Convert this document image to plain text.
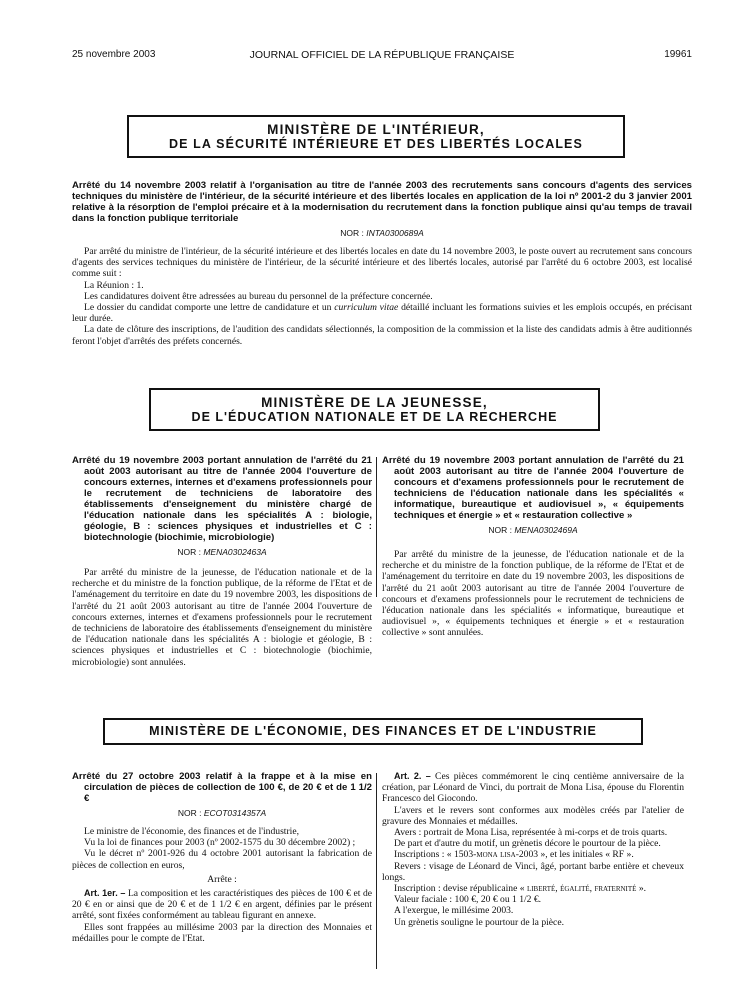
25 novembre 2003	JOURNAL OFFICIEL DE LA RÉPUBLIQUE FRANÇAISE	19961
MINISTÈRE DE L'INTÉRIEUR,
DE LA SÉCURITÉ INTÉRIEURE ET DES LIBERTÉS LOCALES

Arrêté du 14 novembre 2003 relatif à l'organisation au titre de l'année 2003 des recrutements sans concours d'agents des services techniques du ministère de l'intérieur, de la sécurité intérieure et des libertés locales en application de la loi nº 2001-2 du 3 janvier 2001 relative à la résorption de l'emploi précaire et à la modernisation du recrutement dans la fonction publique ainsi qu'au temps de travail dans la fonction publique territoriale

NOR : INTA0300689A

Par arrêté du ministre de l'intérieur, de la sécurité intérieure et des libertés locales en date du 14 novembre 2003, le poste ouvert au recrutement sans concours d'agents des services techniques du ministère de l'intérieur, de la sécurité intérieure et des libertés locales, autorisé par l'arrêté du 6 octobre 2003, est localisé comme suit :

La Réunion : 1.

Les candidatures doivent être adressées au bureau du personnel de la préfecture concernée.

Le dossier du candidat comporte une lettre de candidature et un curriculum vitae détaillé incluant les formations suivies et les emplois occupés, en précisant leur durée.

La date de clôture des inscriptions, de l'audition des candidats sélectionnés, la composition de la commission et la liste des candidats admis à être auditionnés feront l'objet d'arrêtés des préfets concernés.

MINISTÈRE DE LA JEUNESSE,
DE L'ÉDUCATION NATIONALE ET DE LA RECHERCHE

Arrêté du 19 novembre 2003 portant annulation de l'arrêté du 21 août 2003 autorisant au titre de l'année 2004 l'ouverture de concours externes, internes et d'examens professionnels pour le recrutement de techniciens de laboratoire des établissements d'enseignement du ministère chargé de l'éducation nationale dans les spécialités A : biologie, géologie, B : sciences physiques et industrielles et C : biotechnologie (biochimie, microbiologie)

NOR : MENA0302463A

Par arrêté du ministre de la jeunesse, de l'éducation nationale et de la recherche et du ministre de la fonction publique, de la réforme de l'Etat et de l'aménagement du territoire en date du 19 novembre 2003, les dispositions de l'arrêté du 21 août 2003 autorisant au titre de l'année 2004 l'ouverture de concours externes, internes et d'examens professionnels pour le recrutement de techniciens de laboratoire des établissements d'enseignement du ministère de l'éducation nationale dans les spécialités A : biologie et géologie, B : sciences physiques et industrielles et C : biotechnologie (biochimie, microbiologie) sont annulées.

Arrêté du 19 novembre 2003 portant annulation de l'arrêté du 21 août 2003 autorisant au titre de l'année 2004 l'ouverture de concours et d'examens professionnels pour le recrutement de techniciens de l'éducation nationale dans les spécialités « informatique, bureautique et audiovisuel », « équipements techniques et énergie » et « restauration collective »

NOR : MENA0302469A

Par arrêté du ministre de la jeunesse, de l'éducation nationale et de la recherche et du ministre de la fonction publique, de la réforme de l'Etat et de l'aménagement du territoire en date du 19 novembre 2003, les dispositions de l'arrêté du 21 août 2003 autorisant au titre de l'année 2004 l'ouverture de concours et d'examens professionnels pour le recrutement de techniciens de l'éducation nationale dans les spécialités « informatique, bureautique et audiovisuel », « équipements techniques et énergie » et « restauration collective » sont annulées.

MINISTÈRE DE L'ÉCONOMIE, DES FINANCES ET DE L'INDUSTRIE

Arrêté du 27 octobre 2003 relatif à la frappe et à la mise en circulation de pièces de collection de 100 €, de 20 € et de 1 1/2 €

NOR : ECOT0314357A

Le ministre de l'économie, des finances et de l'industrie,

Vu la loi de finances pour 2003 (nº 2002-1575 du 30 décembre 2002) ;

Vu le décret nº 2001-926 du 4 octobre 2001 autorisant la fabrication de pièces de collection en euros,

Arrête :

Art. 1er. – La composition et les caractéristiques des pièces de 100 € et de 20 € en or ainsi que de 20 € et de 1 1/2 € en argent, définies par le présent arrêté, sont fixées conformément au tableau figurant en annexe.

Elles sont frappées au millésime 2003 par la direction des Monnaies et médailles pour le compte de l'Etat.

Art. 2. – Ces pièces commémorent le cinq centième anniversaire de la création, par Léonard de Vinci, du portrait de Mona Lisa, épouse du Florentin Francesco del Giocondo.

L'avers et le revers sont conformes aux modèles créés par l'atelier de gravure des Monnaies et médailles.

Avers : portrait de Mona Lisa, représentée à mi-corps et de trois quarts.

De part et d'autre du motif, un grènetis décore le pourtour de la pièce.

Inscriptions : « 1503-mona lisa-2003 », et les initiales « RF ».

Revers : visage de Léonard de Vinci, âgé, portant barbe entière et cheveux longs.

Inscription : devise républicaine « liberté, égalité, fraternité ».

Valeur faciale : 100 €, 20 € ou 1 1/2 €.

A l'exergue, le millésime 2003.

Un grènetis souligne le pourtour de la pièce.
